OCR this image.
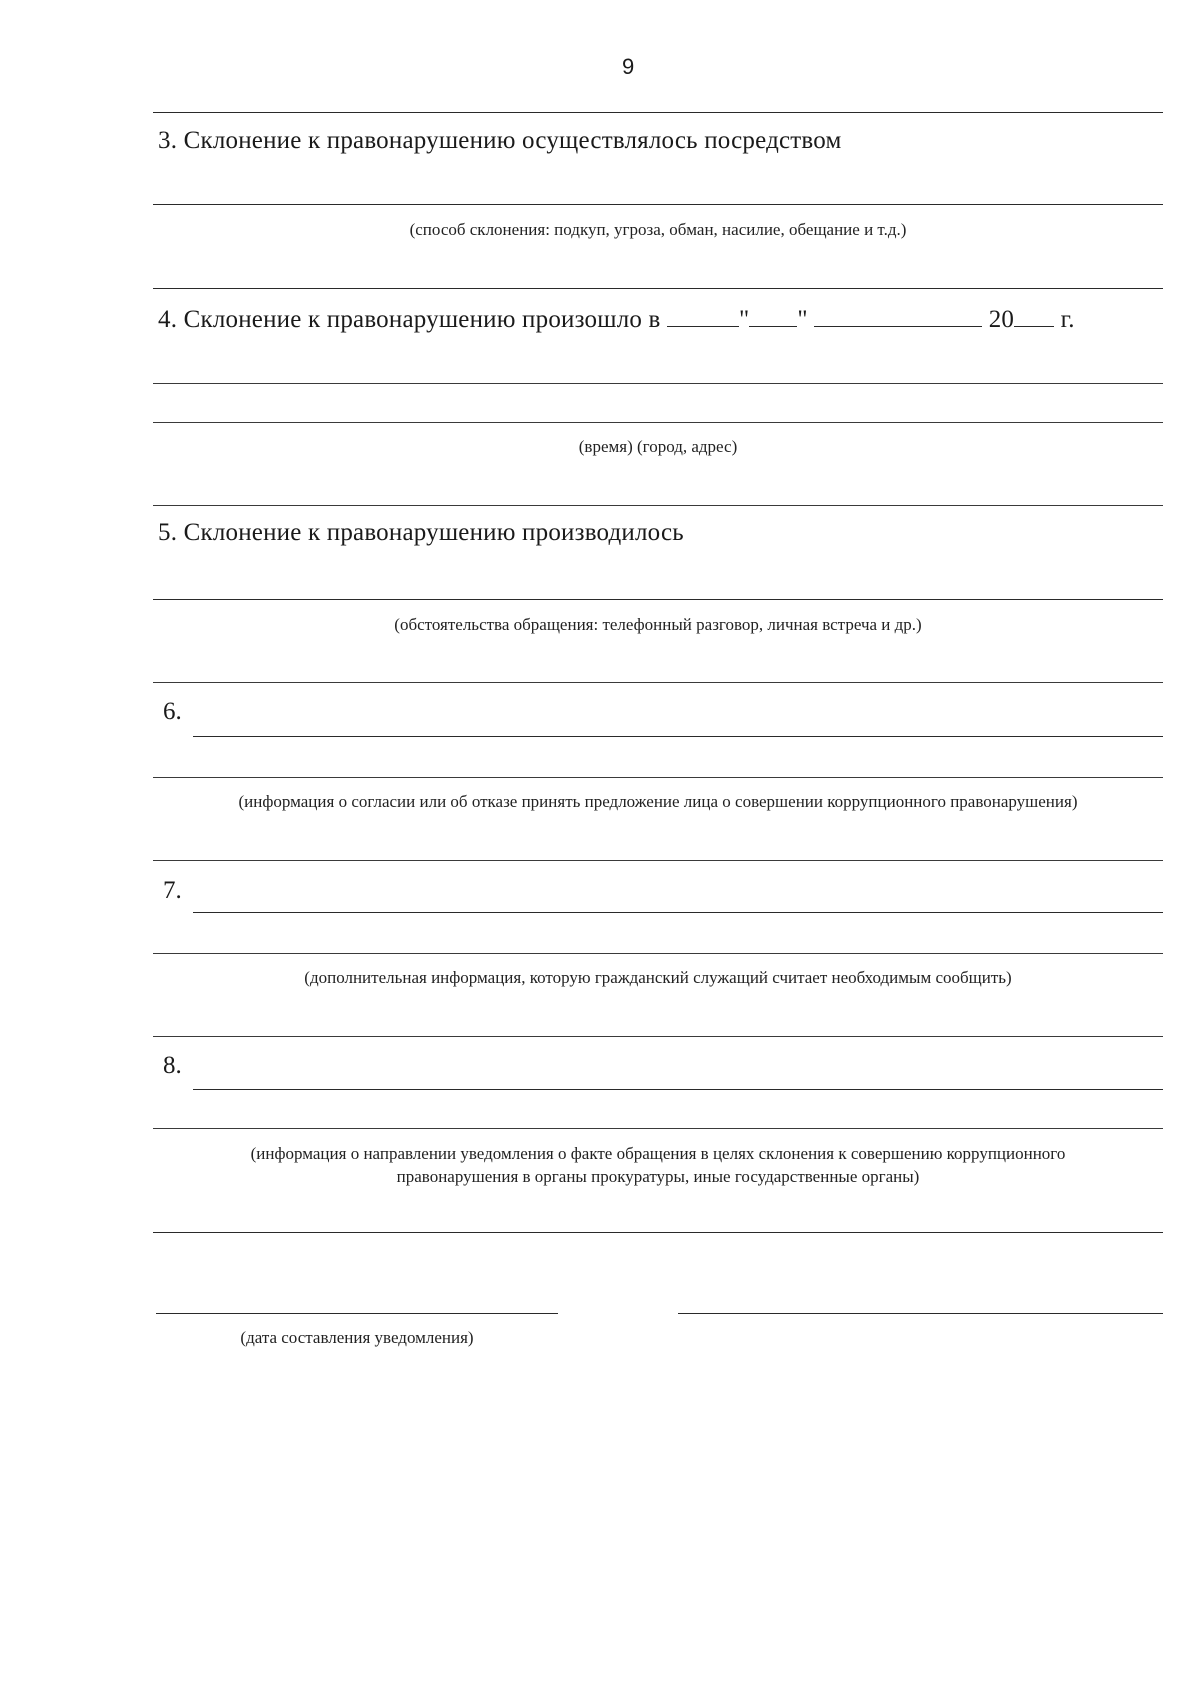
9
3. Склонение к правонарушению осуществлялось посредством
(способ склонения: подкуп, угроза, обман, насилие, обещание и т.д.)
4. Склонение к правонарушению произошло в	" "	20 г.
(время) (город, адрес)
5. Склонение к правонарушению производилось
(обстоятельства обращения: телефонный разговор, личная встреча и др.)
6.
(информация о согласии или об отказе принять предложение лица о совершении коррупционного правонарушения)
7.
(дополнительная информация, которую гражданский служащий считает необходимым сообщить)
8.
(информация о направлении уведомления о факте обращения в целях склонения к совершению коррупционного
правонарушения в органы прокуратуры, иные государственные органы)
(дата составления уведомления)
